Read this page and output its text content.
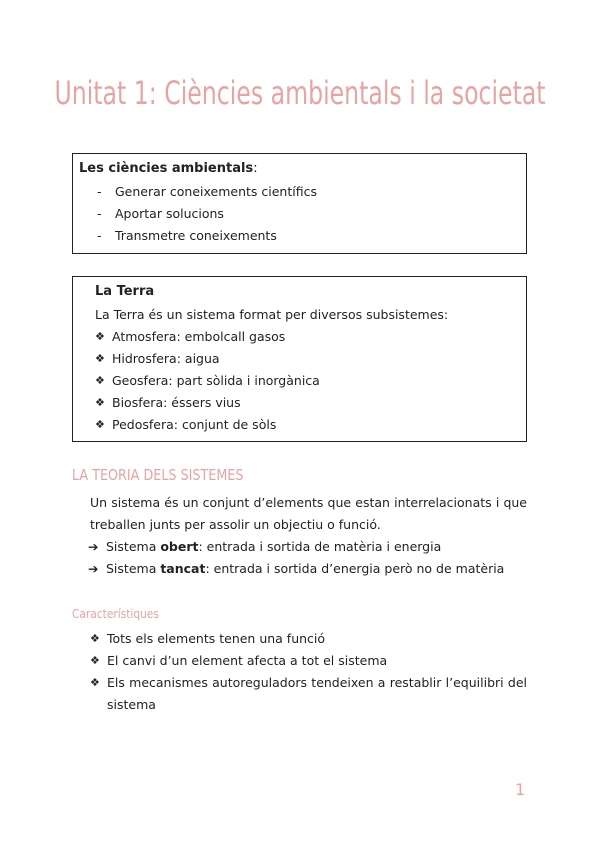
Unitat 1: Ciències ambientals i la societat
Les ciències ambientals:
-	Generar coneixements científics
-	Aportar solucions
-	Transmetre coneixements
La Terra
La Terra és un sistema format per diversos subsistemes:
❖ Atmosfera: embolcall gasos
❖ Hidrosfera: aigua
❖ Geosfera: part sòlida i inorgànica
❖ Biosfera: éssers vius
❖ Pedosfera: conjunt de sòls
LA TEORIA DELS SISTEMES
Un sistema és un conjunt d’elements que estan interrelacionats i que treballen junts per assolir un objectiu o funció.
➔ Sistema obert: entrada i sortida de matèria i energia
➔ Sistema tancat: entrada i sortida d’energia però no de matèria
Característiques
❖ Tots els elements tenen una funció
❖ El canvi d’un element afecta a tot el sistema
❖ Els mecanismes autoreguladors tendeixen a restablir l’equilibri del sistema
1
